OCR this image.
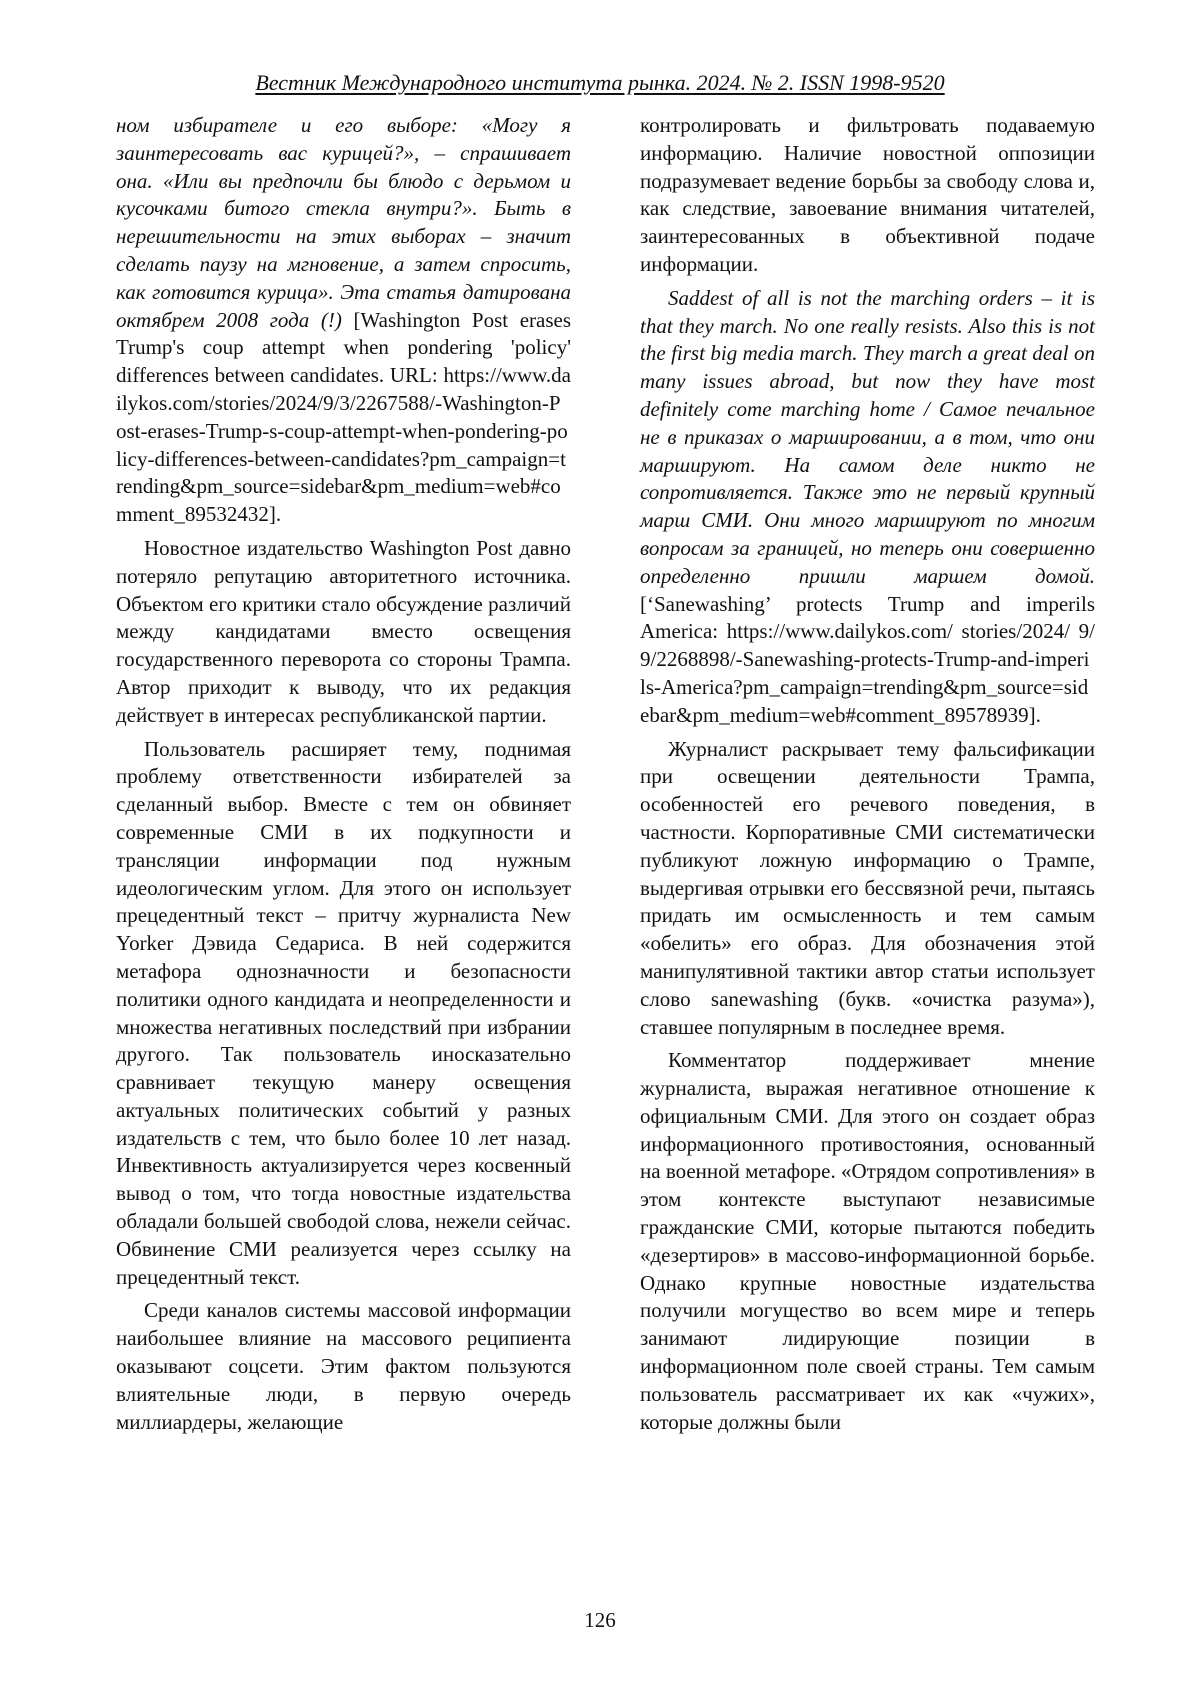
Вестник Международного института рынка. 2024. № 2. ISSN 1998-9520

ном избирателе и его выборе: «Могу я заинтересовать вас курицей?», – спрашивает она. «Или вы предпочли бы блюдо с дерьмом и кусочками битого стекла внутри?». Быть в нерешительности на этих выборах – значит сделать паузу на мгновение, а затем спросить, как готовится курица». Эта статья датирована октябрем 2008 года (!) [Washington Post erases Trump's coup attempt when pondering 'policy' differences between candidates. URL: https://www.dailykos.com/stories/2024/9/3/2267588/-Washington-Post-erases-Trump-s-coup-attempt-when-pondering-policy-differences-between-candidates?pm_campaign=trending&pm_source=sidebar&pm_medium=web#comment_89532432].

Новостное издательство Washington Post давно потеряло репутацию авторитетного источника. Объектом его критики стало обсуждение различий между кандидатами вместо освещения государственного переворота со стороны Трампа. Автор приходит к выводу, что их редакция действует в интересах республиканской партии.

Пользователь расширяет тему, поднимая проблему ответственности избирателей за сделанный выбор. Вместе с тем он обвиняет современные СМИ в их подкупности и трансляции информации под нужным идеологическим углом. Для этого он использует прецедентный текст – притчу журналиста New Yorker Дэвида Седариса. В ней содержится метафора однозначности и безопасности политики одного кандидата и неопределенности и множества негативных последствий при избрании другого. Так пользователь иносказательно сравнивает текущую манеру освещения актуальных политических событий у разных издательств с тем, что было более 10 лет назад. Инвективность актуализируется через косвенный вывод о том, что тогда новостные издательства обладали большей свободой слова, нежели сейчас. Обвинение СМИ реализуется через ссылку на прецедентный текст.

Среди каналов системы массовой информации наибольшее влияние на массового реципиента оказывают соцсети. Этим фактом пользуются влиятельные люди, в первую очередь миллиардеры, желающие

контролировать и фильтровать подаваемую информацию. Наличие новостной оппозиции подразумевает ведение борьбы за свободу слова и, как следствие, завоевание внимания читателей, заинтересованных в объективной подаче информации.

Saddest of all is not the marching orders – it is that they march. No one really resists. Also this is not the first big media march. They march a great deal on many issues abroad, but now they have most definitely come marching home / Самое печальное не в приказах о маршировании, а в том, что они маршируют. На самом деле никто не сопротивляется. Также это не первый крупный марш СМИ. Они много маршируют по многим вопросам за границей, но теперь они совершенно определенно пришли маршем домой. [‘Sanewashing’ protects Trump and imperils America: https://www.dailykos.com/ stories/2024/ 9/9/2268898/-Sanewashing-protects-Trump-and-imperils-America?pm_campaign=trending&pm_source=sidebar&pm_medium=web#comment_89578939].

Журналист раскрывает тему фальсификации при освещении деятельности Трампа, особенностей его речевого поведения, в частности. Корпоративные СМИ систематически публикуют ложную информацию о Трампе, выдергивая отрывки его бессвязной речи, пытаясь придать им осмысленность и тем самым «обелить» его образ. Для обозначения этой манипулятивной тактики автор статьи использует слово sanewashing (букв. «очистка разума»), ставшее популярным в последнее время.

Комментатор поддерживает мнение журналиста, выражая негативное отношение к официальным СМИ. Для этого он создает образ информационного противостояния, основанный на военной метафоре. «Отрядом сопротивления» в этом контексте выступают независимые гражданские СМИ, которые пытаются победить «дезертиров» в массово-информационной борьбе. Однако крупные новостные издательства получили могущество во всем мире и теперь занимают лидирующие позиции в информационном поле своей страны. Тем самым пользователь рассматривает их как «чужих», которые должны были

126
